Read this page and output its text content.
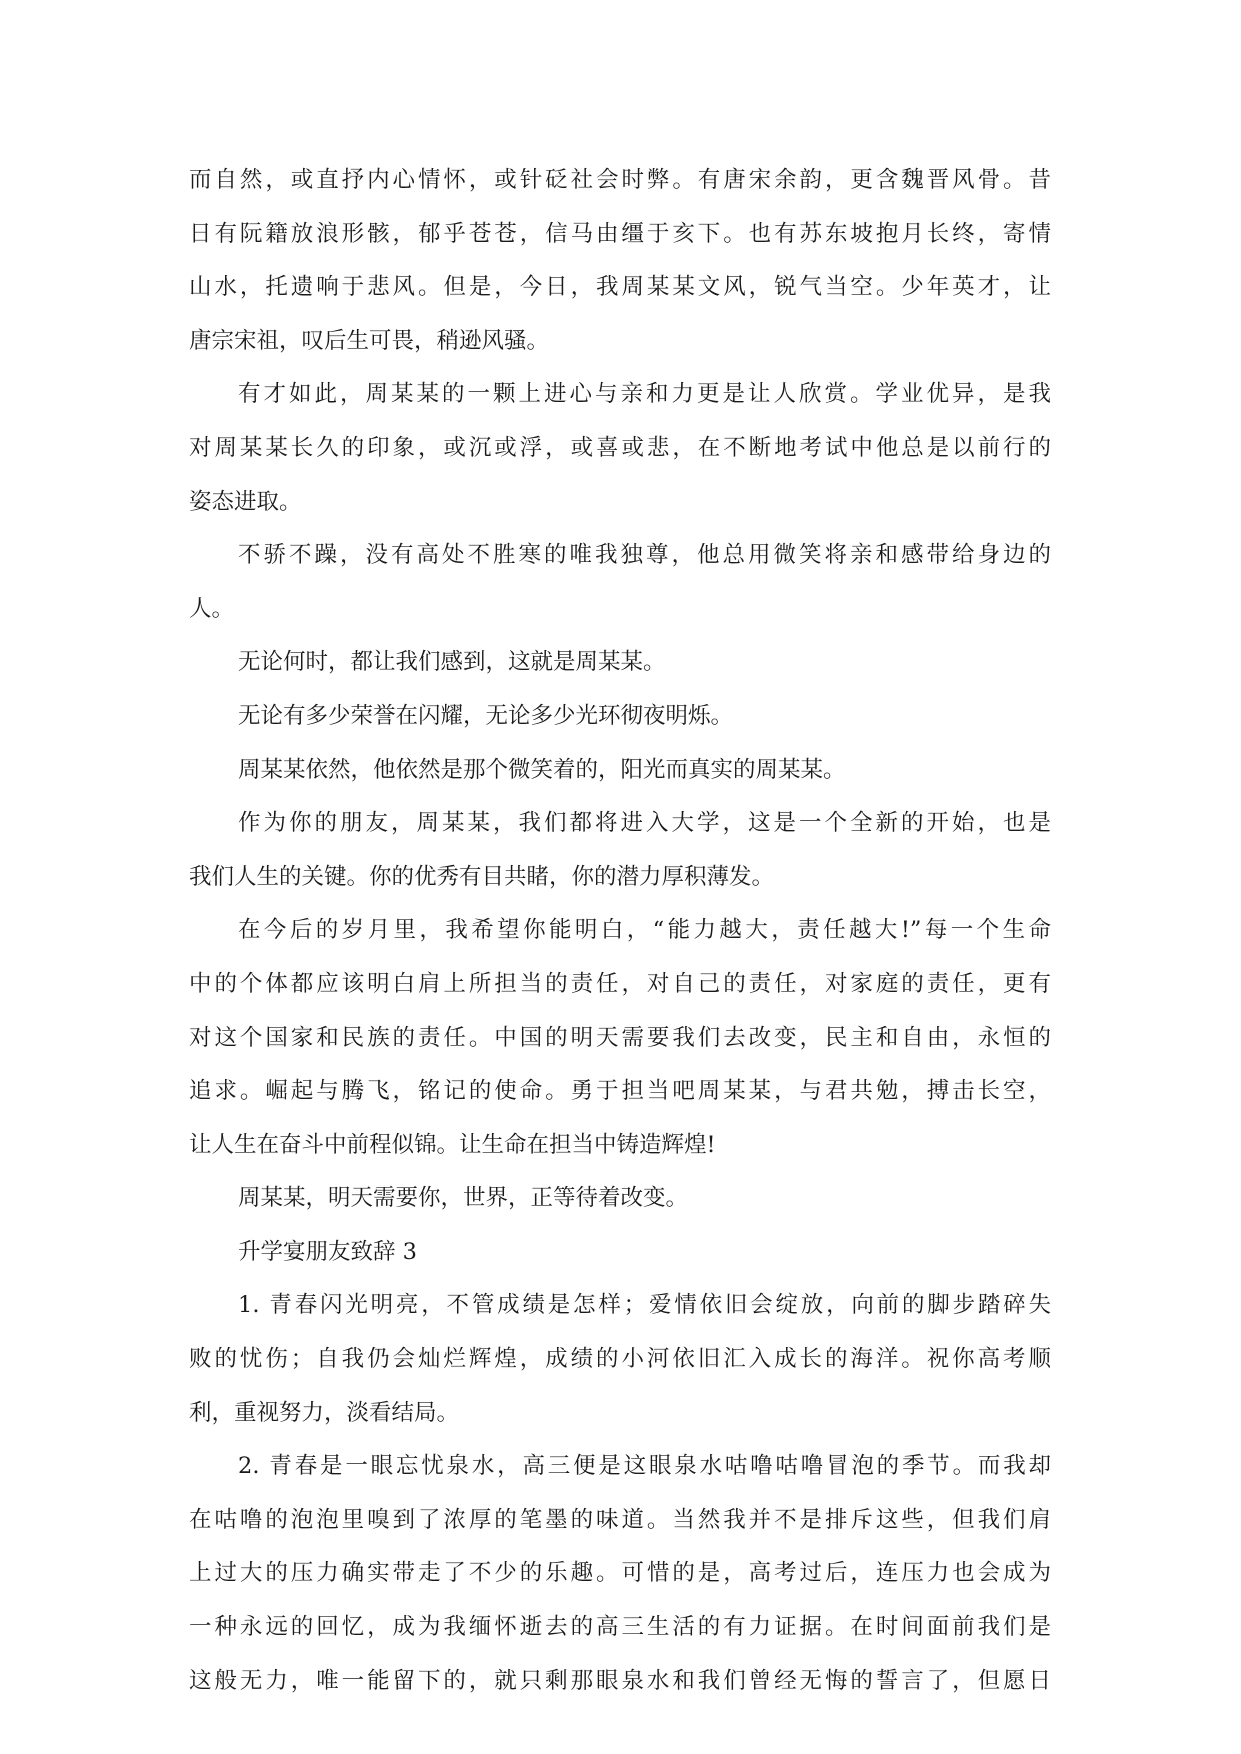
而自然，或直抒内心情怀，或针砭社会时弊。有唐宋余韵，更含魏晋风骨。昔
日有阮籍放浪形骸，郁乎苍苍，信马由缰于亥下。也有苏东坡抱月长终，寄情
山水，托遗响于悲风。但是，今日，我周某某文风，锐气当空。少年英才，让
唐宗宋祖，叹后生可畏，稍逊风骚。
有才如此，周某某的一颗上进心与亲和力更是让人欣赏。学业优异，是我
对周某某长久的印象，或沉或浮，或喜或悲，在不断地考试中他总是以前行的
姿态进取。
不骄不躁，没有高处不胜寒的唯我独尊，他总用微笑将亲和感带给身边的
人。
无论何时，都让我们感到，这就是周某某。
无论有多少荣誉在闪耀，无论多少光环彻夜明烁。
周某某依然，他依然是那个微笑着的，阳光而真实的周某某。
作为你的朋友，周某某，我们都将进入大学，这是一个全新的开始，也是
我们人生的关键。你的优秀有目共睹，你的潜力厚积薄发。
在今后的岁月里，我希望你能明白，“能力越大，责任越大!”每一个生命
中的个体都应该明白肩上所担当的责任，对自己的责任，对家庭的责任，更有
对这个国家和民族的责任。中国的明天需要我们去改变，民主和自由，永恒的
追求。崛起与腾飞，铭记的使命。勇于担当吧周某某，与君共勉，搏击长空，
让人生在奋斗中前程似锦。让生命在担当中铸造辉煌!
周某某，明天需要你，世界，正等待着改变。
升学宴朋友致辞 3
1. 青春闪光明亮，不管成绩是怎样；爱情依旧会绽放，向前的脚步踏碎失
败的忧伤；自我仍会灿烂辉煌，成绩的小河依旧汇入成长的海洋。祝你高考顺
利，重视努力，淡看结局。
2. 青春是一眼忘忧泉水，高三便是这眼泉水咕噜咕噜冒泡的季节。而我却
在咕噜的泡泡里嗅到了浓厚的笔墨的味道。当然我并不是排斥这些，但我们肩
上过大的压力确实带走了不少的乐趣。可惜的是，高考过后，连压力也会成为
一种永远的回忆，成为我缅怀逝去的高三生活的有力证据。在时间面前我们是
这般无力，唯一能留下的，就只剩那眼泉水和我们曾经无悔的誓言了，但愿日
